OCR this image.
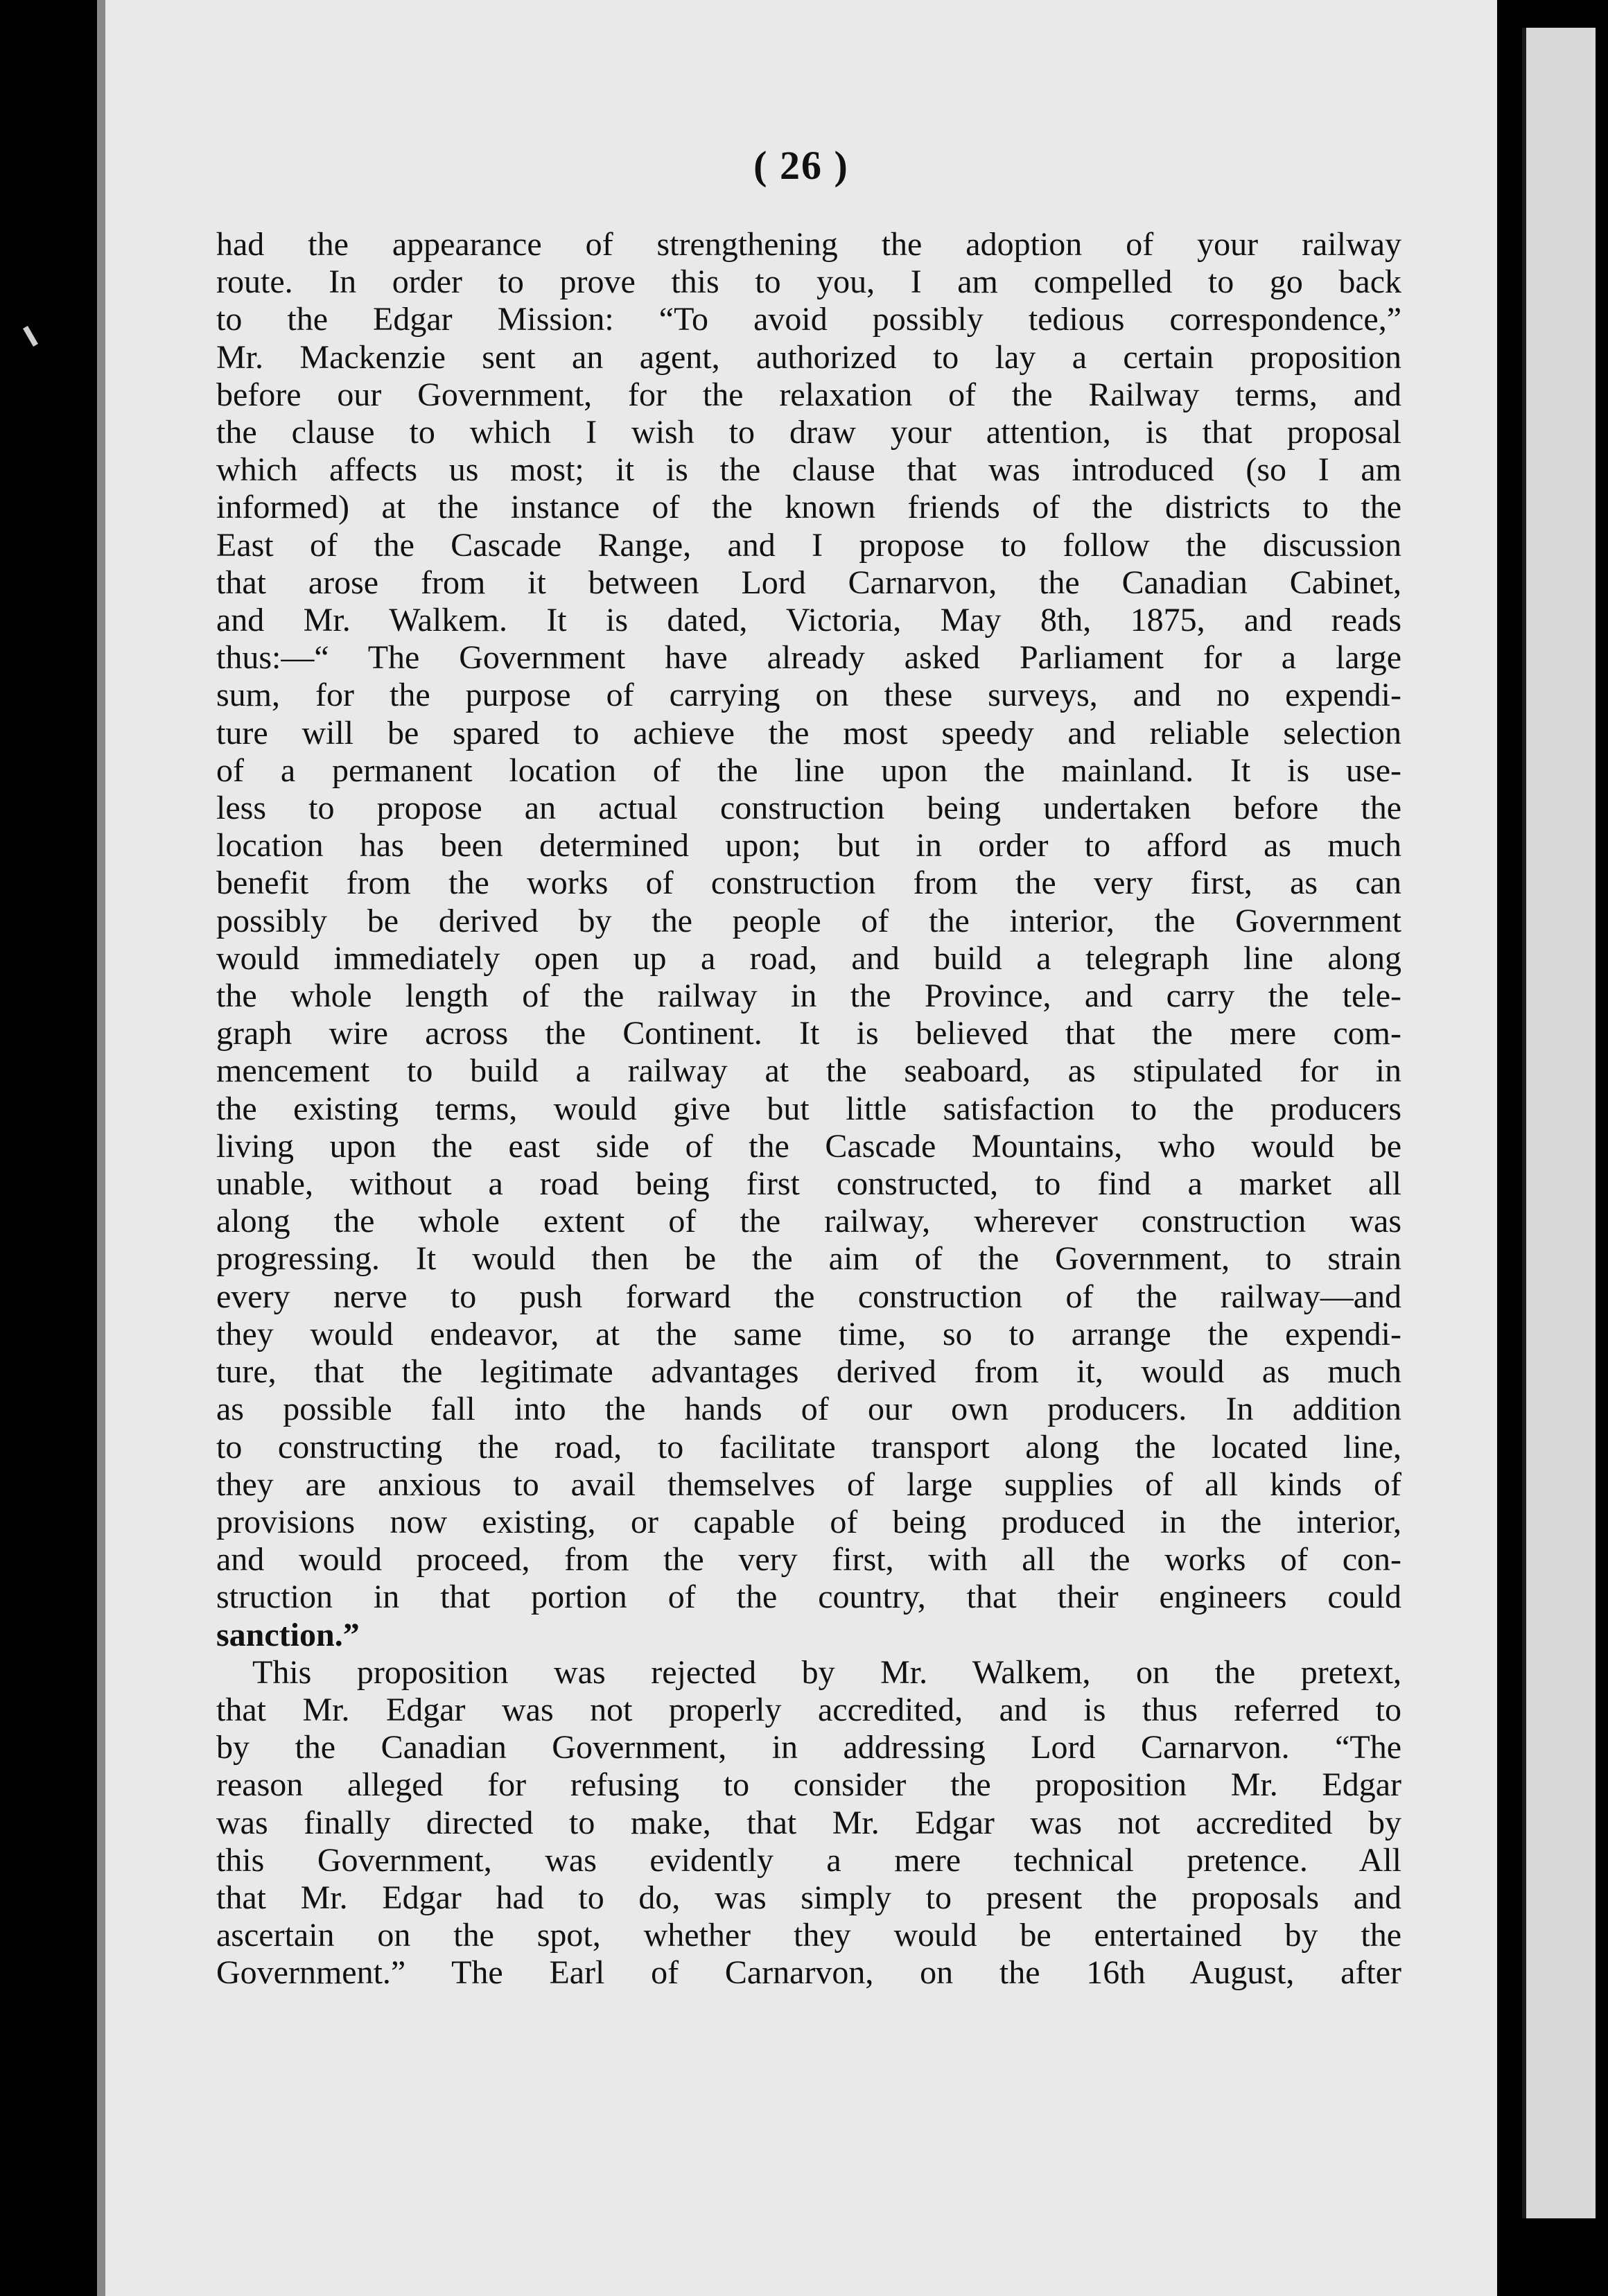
( 26 )
had the appearance of strengthening the adoption of your railway
route. In order to prove this to you, I am compelled to go back
to the Edgar Mission: “To avoid possibly tedious correspondence,”
Mr. Mackenzie sent an agent, authorized to lay a certain proposition
before our Government, for the relaxation of the Railway terms, and
the clause to which I wish to draw your attention, is that proposal
which affects us most; it is the clause that was introduced (so I am
informed) at the instance of the known friends of the districts to the
East of the Cascade Range, and I propose to follow the discussion
that arose from it between Lord Carnarvon, the Canadian Cabinet,
and Mr. Walkem. It is dated, Victoria, May 8th, 1875, and reads
thus:—“ The Government have already asked Parliament for a large
sum, for the purpose of carrying on these surveys, and no expendi-
ture will be spared to achieve the most speedy and reliable selection
of a permanent location of the line upon the mainland. It is use-
less to propose an actual construction being undertaken before the
location has been determined upon; but in order to afford as much
benefit from the works of construction from the very first, as can
possibly be derived by the people of the interior, the Government
would immediately open up a road, and build a telegraph line along
the whole length of the railway in the Province, and carry the tele-
graph wire across the Continent. It is believed that the mere com-
mencement to build a railway at the seaboard, as stipulated for in
the existing terms, would give but little satisfaction to the producers
living upon the east side of the Cascade Mountains, who would be
unable, without a road being first constructed, to find a market all
along the whole extent of the railway, wherever construction was
progressing. It would then be the aim of the Government, to strain
every nerve to push forward the construction of the railway—and
they would endeavor, at the same time, so to arrange the expendi-
ture, that the legitimate advantages derived from it, would as much
as possible fall into the hands of our own producers. In addition
to constructing the road, to facilitate transport along the located line,
they are anxious to avail themselves of large supplies of all kinds of
provisions now existing, or capable of being produced in the interior,
and would proceed, from the very first, with all the works of con-
struction in that portion of the country, that their engineers could
sanction.”
This proposition was rejected by Mr. Walkem, on the pretext,
that Mr. Edgar was not properly accredited, and is thus referred to
by the Canadian Government, in addressing Lord Carnarvon. “The
reason alleged for refusing to consider the proposition Mr. Edgar
was finally directed to make, that Mr. Edgar was not accredited by
this Government, was evidently a mere technical pretence. All
that Mr. Edgar had to do, was simply to present the proposals and
ascertain on the spot, whether they would be entertained by the
Government.” The Earl of Carnarvon, on the 16th August, after
